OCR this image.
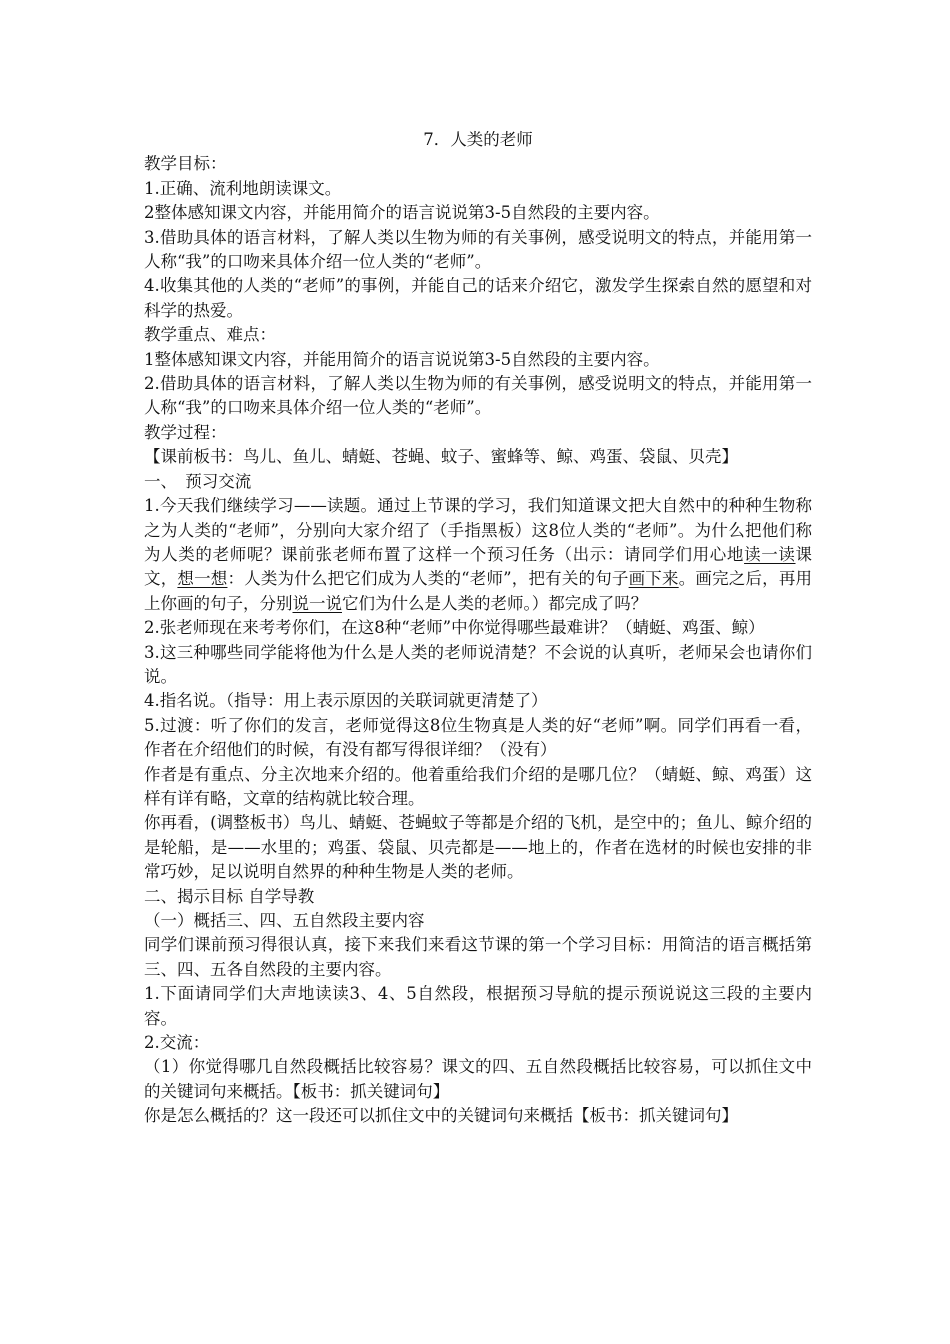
7．人类的老师

教学目标：

1.正确、流利地朗读课文。

2整体感知课文内容，并能用简介的语言说说第3-5自然段的主要内容。

3.借助具体的语言材料，了解人类以生物为师的有关事例，感受说明文的特点，并能用第一人称“我”的口吻来具体介绍一位人类的“老师”。

4.收集其他的人类的“老师”的事例，并能自己的话来介绍它，激发学生探索自然的愿望和对科学的热爱。

教学重点、难点：

1整体感知课文内容，并能用简介的语言说说第3-5自然段的主要内容。

2.借助具体的语言材料，了解人类以生物为师的有关事例，感受说明文的特点，并能用第一人称“我”的口吻来具体介绍一位人类的“老师”。

教学过程：

【课前板书：鸟儿、鱼儿、蜻蜓、苍蝇、蚊子、蜜蜂等、鲸、鸡蛋、袋鼠、贝壳】

一、　预习交流

1.今天我们继续学习——读题。通过上节课的学习，我们知道课文把大自然中的种种生物称之为人类的“老师”，分别向大家介绍了（手指黑板）这8位人类的“老师”。为什么把他们称为人类的老师呢？课前张老师布置了这样一个预习任务（出示：请同学们用心地读一读课文，想一想：人类为什么把它们成为人类的“老师”，把有关的句子画下来。画完之后，再用上你画的句子，分别说一说它们为什么是人类的老师。）都完成了吗？

2.张老师现在来考考你们，在这8种“老师”中你觉得哪些最难讲？（蜻蜓、鸡蛋、鲸）

3.这三种哪些同学能将他为什么是人类的老师说清楚？不会说的认真听，老师呆会也请你们说。

4.指名说。（指导：用上表示原因的关联词就更清楚了）

5.过渡：听了你们的发言，老师觉得这8位生物真是人类的好“老师”啊。同学们再看一看，作者在介绍他们的时候，有没有都写得很详细？（没有）

作者是有重点、分主次地来介绍的。他着重给我们介绍的是哪几位？（蜻蜓、鲸、鸡蛋）这样有详有略，文章的结构就比较合理。

你再看，(调整板书）鸟儿、蜻蜓、苍蝇蚊子等都是介绍的飞机，是空中的；鱼儿、鲸介绍的是轮船，是——水里的；鸡蛋、袋鼠、贝壳都是——地上的，作者在选材的时候也安排的非常巧妙，足以说明自然界的种种生物是人类的老师。

二、揭示目标 自学导教

（一）概括三、四、五自然段主要内容

同学们课前预习得很认真，接下来我们来看这节课的第一个学习目标：用简洁的语言概括第三、四、五各自然段的主要内容。

1.下面请同学们大声地读读3、4、5自然段，根据预习导航的提示预说说这三段的主要内容。

2.交流：

（1）你觉得哪几自然段概括比较容易？课文的四、五自然段概括比较容易，可以抓住文中的关键词句来概括。【板书：抓关键词句】

你是怎么概括的？这一段还可以抓住文中的关键词句来概括【板书：抓关键词句】
